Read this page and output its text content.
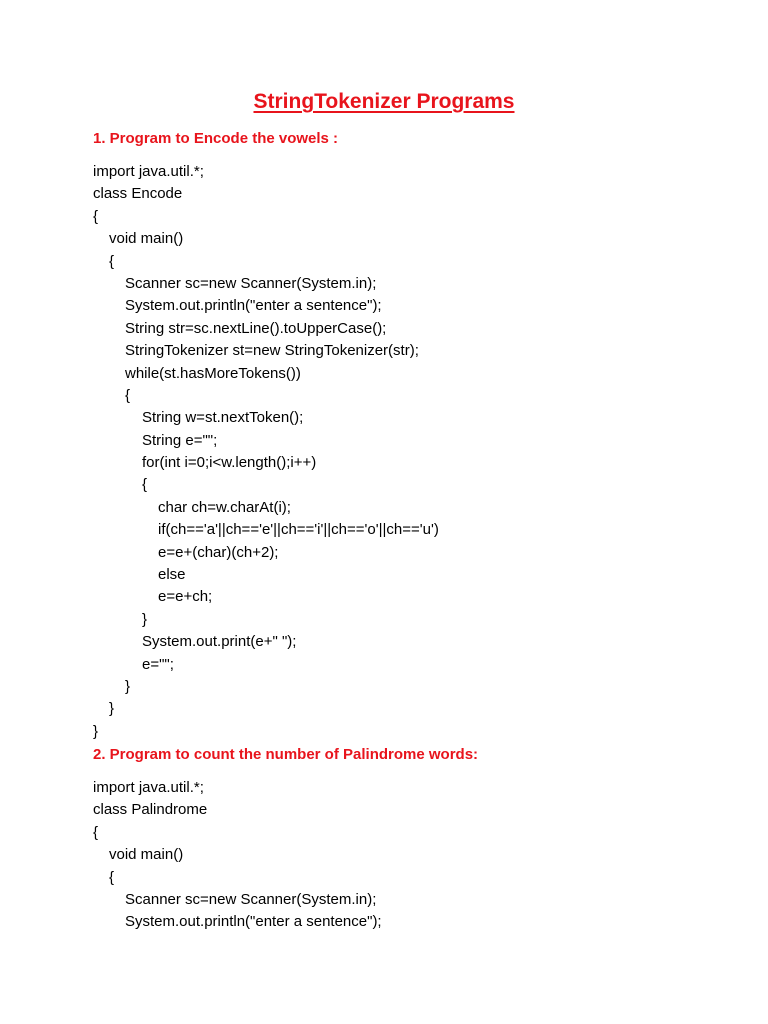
StringTokenizer Programs
1. Program to Encode the vowels :
import java.util.*;
class Encode
{
void main()
{
Scanner sc=new Scanner(System.in);
System.out.println("enter a sentence");
String str=sc.nextLine().toUpperCase();
StringTokenizer st=new StringTokenizer(str);
while(st.hasMoreTokens())
{
String w=st.nextToken();
String e="";
for(int i=0;i<w.length();i++)
{
char ch=w.charAt(i);
if(ch=='a'||ch=='e'||ch=='i'||ch=='o'||ch=='u')
e=e+(char)(ch+2);
else
e=e+ch;
}
System.out.print(e+" ");
e="";
}
}
}
2. Program to count the number of Palindrome words:
import java.util.*;
class Palindrome
{
void main()
{
Scanner sc=new Scanner(System.in);
System.out.println("enter a sentence");
